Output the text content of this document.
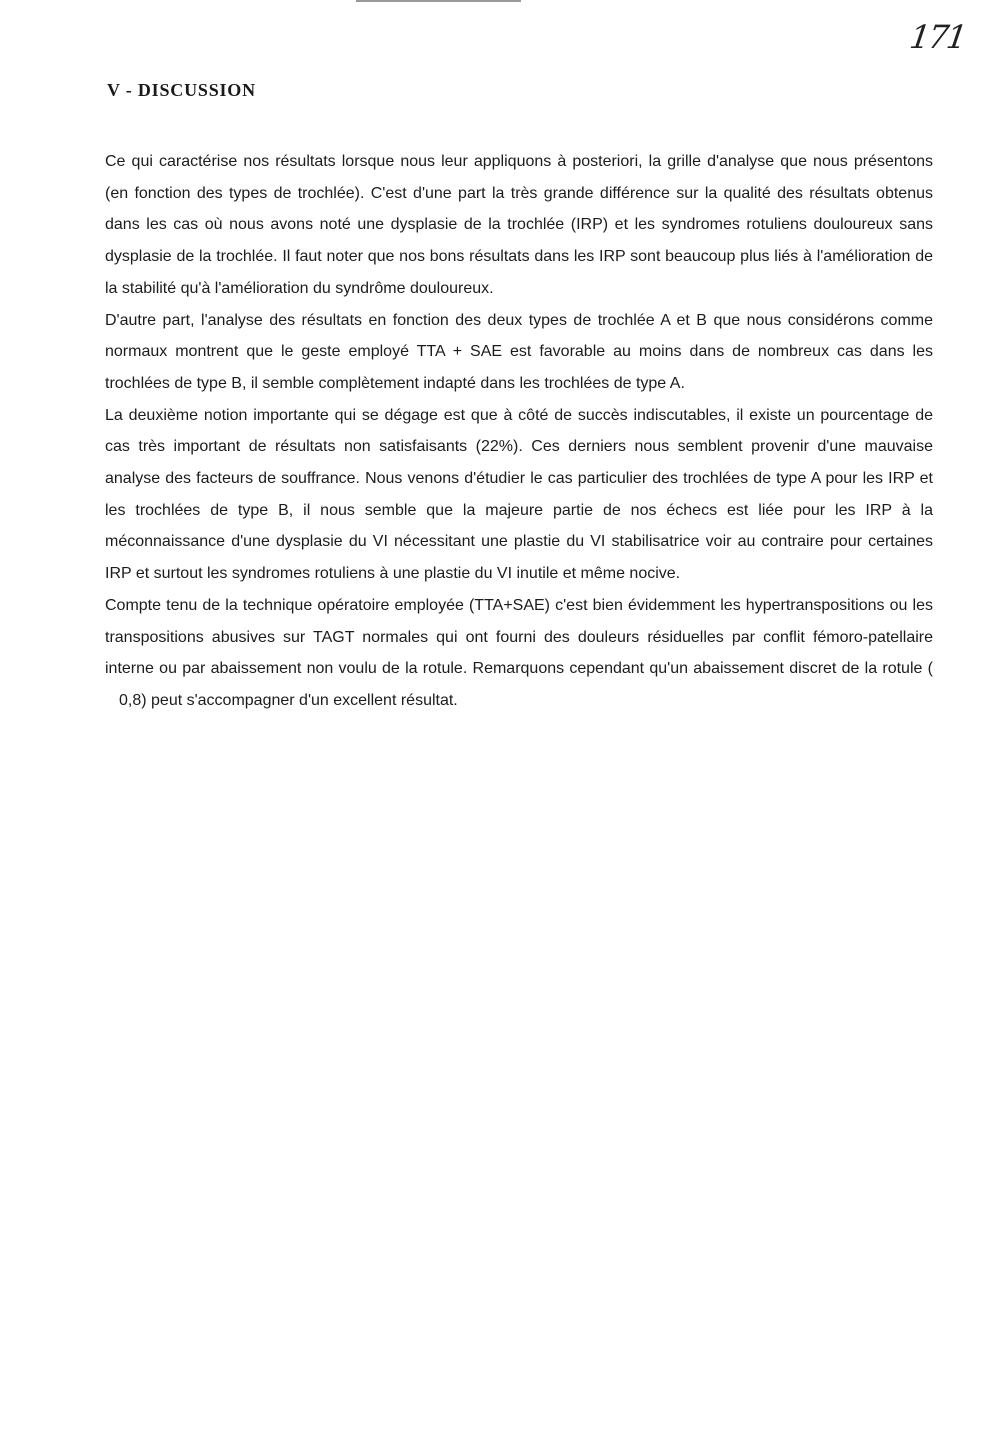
171
V - DISCUSSION

Ce qui caractérise nos résultats lorsque nous leur appliquons à posteriori, la grille d'analyse que nous présentons (en fonction des types de trochlée). C'est d'une part la très grande différence sur la qualité des résultats obtenus dans les cas où nous avons noté une dysplasie de la trochlée (IRP) et les syndromes rotuliens douloureux sans dysplasie de la trochlée. Il faut noter que nos bons résultats dans les IRP sont beaucoup plus liés à l'amélioration de la stabilité qu'à l'amélioration du syndrôme douloureux.

D'autre part, l'analyse des résultats en fonction des deux types de trochlée A et B que nous considérons comme normaux montrent que le geste employé TTA + SAE est favorable au moins dans de nombreux cas dans les trochlées de type B, il semble complètement indapté dans les trochlées de type A.

La deuxième notion importante qui se dégage est que à côté de succès indiscutables, il existe un pourcentage de cas très important de résultats non satisfaisants (22%). Ces derniers nous semblent provenir d'une mauvaise analyse des facteurs de souffrance. Nous venons d'étudier le cas particulier des trochlées de type A pour les IRP et les trochlées de type B, il nous semble que la majeure partie de nos échecs est liée pour les IRP à la méconnaissance d'une dysplasie du VI nécessitant une plastie du VI stabilisatrice voir au contraire pour certaines IRP et surtout les syndromes rotuliens à une plastie du VI inutile et même nocive.

Compte tenu de la technique opératoire employée (TTA+SAE) c'est bien évidemment les hypertranspositions ou les transpositions abusives sur TAGT normales qui ont fourni des douleurs résiduelles par conflit fémoro-patellaire interne ou par abaissement non voulu de la rotule. Remarquons cependant qu'un abaissement discret de la rotule (0,8) peut s'accompagner d'un excellent résultat.
